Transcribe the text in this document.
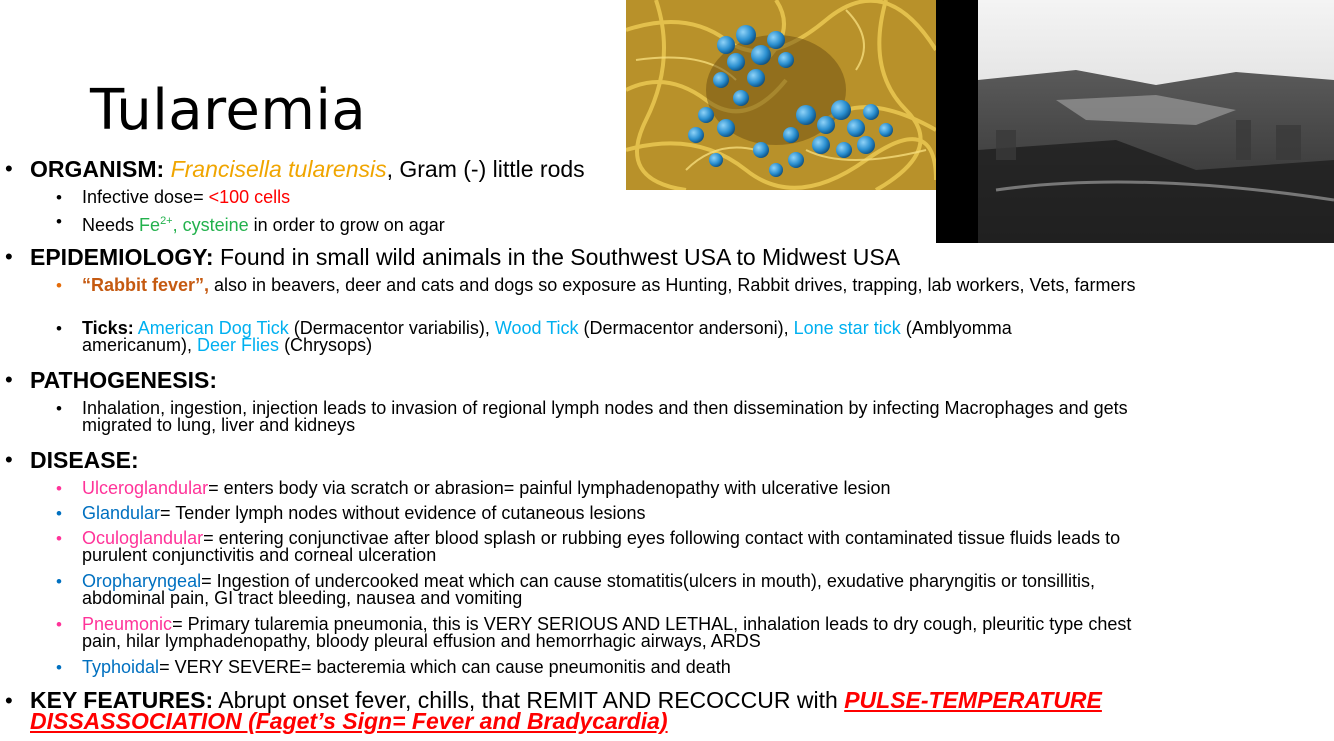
Tularemia
• ORGANISM: Francisella tularensis, Gram (-) little rods
• Infective dose= <100 cells
• Needs $Fe^{2+}$, cysteine in order to grow on agar
• EPIDEMIOLOGY: Found in small wild animals in the Southwest USA to Midwest USA
• “Rabbit fever”, also in beavers, deer and cats and dogs so exposure as Hunting, Rabbit drives, trapping, lab workers, Vets, farmers
• Ticks: American Dog Tick (Dermacentor variabilis), Wood Tick (Dermacentor andersoni), Lone star tick (Amblyomma americanum), Deer Flies (Chrysops)
• PATHOGENESIS:
• Inhalation, ingestion, injection leads to invasion of regional lymph nodes and then dissemination by infecting Macrophages and gets migrated to lung, liver and kidneys
• DISEASE:
• Ulceroglandular= enters body via scratch or abrasion= painful lymphadenopathy with ulcerative lesion
• Glandular= Tender lymph nodes without evidence of cutaneous lesions
• Oculoglandular= entering conjunctivae after blood splash or rubbing eyes following contact with contaminated tissue fluids leads to purulent conjunctivitis and corneal ulceration
• Oropharyngeal= Ingestion of undercooked meat which can cause stomatitis(ulcers in mouth), exudative pharyngitis or tonsillitis, abdominal pain, GI tract bleeding, nausea and vomiting
• Pneumonic= Primary tularemia pneumonia, this is VERY SERIOUS AND LETHAL, inhalation leads to dry cough, pleuritic type chest pain, hilar lymphadenopathy, bloody pleural effusion and hemorrhagic airways, ARDS
• Typhoidal= VERY SEVERE= bacteremia which can cause pneumonitis and death
• KEY FEATURES: Abrupt onset fever, chills, that REMIT AND RECOCCUR with PULSE-TEMPERATURE DISSASSOCIATION (Faget’s Sign= Fever and Bradycardia)
